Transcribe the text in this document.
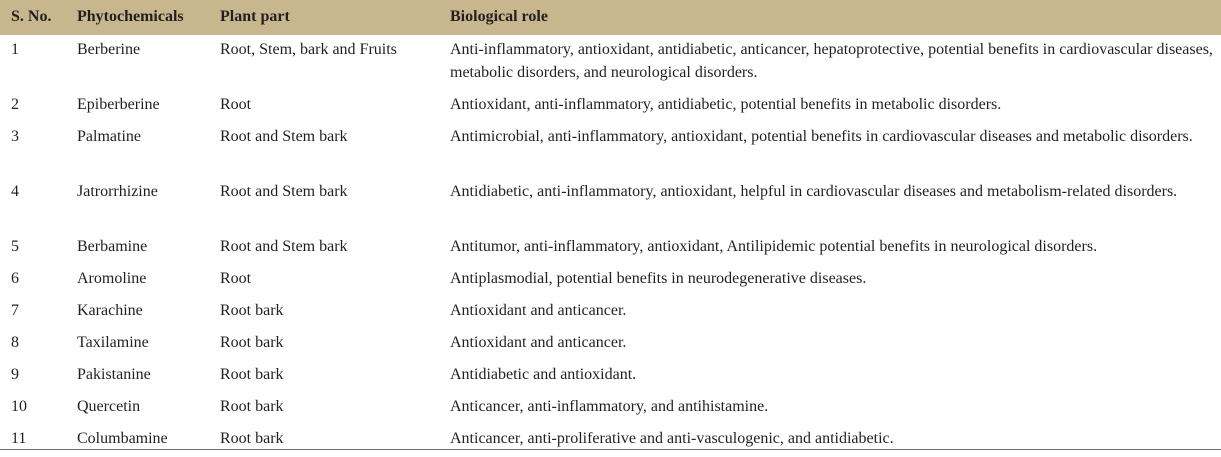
S. No.	Phytochemicals	Plant part	Biological role
1	Berberine	Root, Stem, bark and Fruits	Anti-inflammatory, antioxidant, antidiabetic, anticancer, hepatoprotective, potential benefits in cardiovascular diseases, metabolic disorders, and neurological disorders.
2	Epiberberine	Root	Antioxidant, anti-inflammatory, antidiabetic, potential benefits in metabolic disorders.
3	Palmatine	Root and Stem bark	Antimicrobial, anti-inflammatory, antioxidant, potential benefits in cardiovascular diseases and metabolic disorders.
4	Jatrorrhizine	Root and Stem bark	Antidiabetic, anti-inflammatory, antioxidant, helpful in cardiovascular diseases and metabolism-related disorders.
5	Berbamine	Root and Stem bark	Antitumor, anti-inflammatory, antioxidant, Antilipidemic potential benefits in neurological disorders.
6	Aromoline	Root	Antiplasmodial, potential benefits in neurodegenerative diseases.
7	Karachine	Root bark	Antioxidant and anticancer.
8	Taxilamine	Root bark	Antioxidant and anticancer.
9	Pakistanine	Root bark	Antidiabetic and antioxidant.
10	Quercetin	Root bark	Anticancer, anti-inflammatory, and antihistamine.
11	Columbamine	Root bark	Anticancer, anti-proliferative and anti-vasculogenic, and antidiabetic.
